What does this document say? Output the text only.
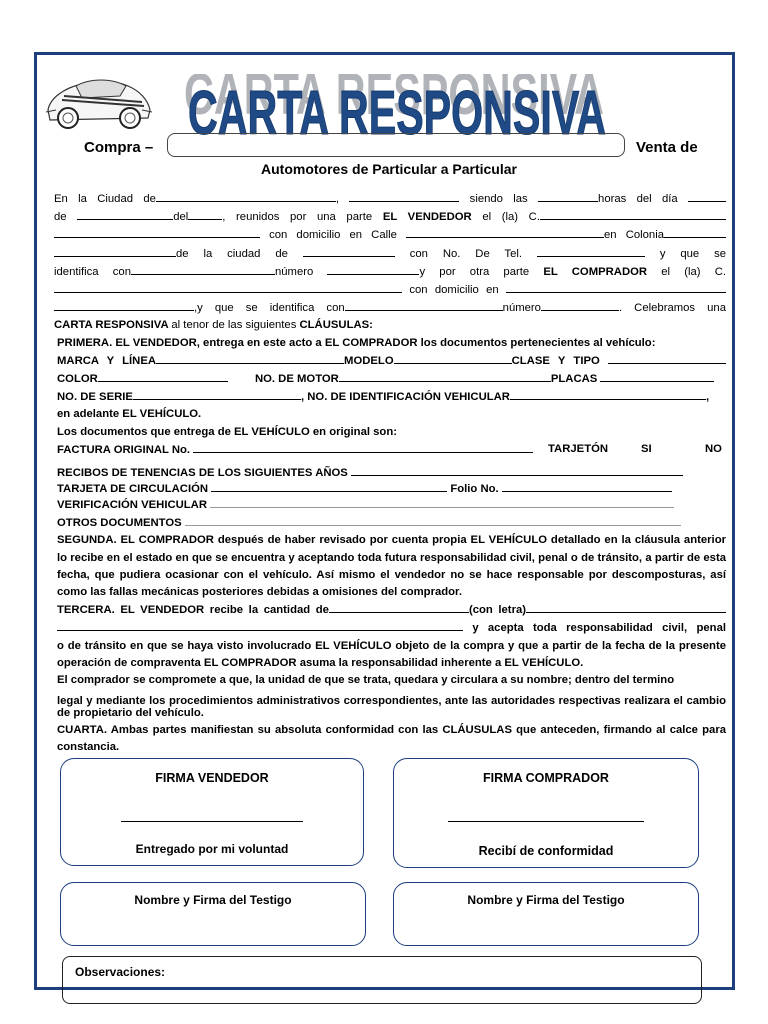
CARTA RESPONSIVA
CARTA RESPONSIVA
Compra –	Venta de
Automotores de Particular a Particular

En la Ciudad de	,	siendo las	horas del día

de	del	, reunidos por una parte EL VENDEDOR el (la) C.

con domicilio en Calle	en Colonia

de la ciudad de	con No. De Tel.	y que se

identifica con	número	y por otra parte EL COMPRADOR el (la) C.

con domicilio en

,y que se identifica con	número	. Celebramos una

CARTA RESPONSIVA al tenor de las siguientes CLÁUSULAS:

PRIMERA. EL VENDEDOR, entrega en este acto a EL COMPRADOR los documentos pertenecientes al vehículo:

MARCA Y LÍNEA	MODELO	CLASE Y TIPO

COLOR	NO. DE MOTOR	PLACAS

NO. DE SERIE	, NO. DE IDENTIFICACIÓN VEHICULAR	,

en adelante EL VEHÍCULO.

Los documentos que entrega de EL VEHÍCULO en original son:

FACTURA ORIGINAL No.	TARJETÓN	SI	NO

RECIBOS DE TENENCIAS DE LOS SIGUIENTES AÑOS

TARJETA DE CIRCULACIÓN	Folio No.

VERIFICACIÓN VEHICULAR

OTROS DOCUMENTOS

SEGUNDA. EL COMPRADOR después de haber revisado por cuenta propia EL VEHÍCULO detallado en la cláusula anterior lo recibe en el estado en que se encuentra y aceptando toda futura responsabilidad civil, penal o de tránsito, a partir de esta fecha, que pudiera ocasionar con el vehículo. Así mismo el vendedor no se hace responsable por descomposturas, así como las fallas mecánicas posteriores debidas a omisiones del comprador.

TERCERA. EL VENDEDOR recibe la cantidad de	(con letra)

y acepta toda responsabilidad civil, penal

o de tránsito en que se haya visto involucrado EL VEHÍCULO objeto de la compra y que a partir de la fecha de la presente operación de compraventa EL COMPRADOR asuma la responsabilidad inherente a EL VEHÍCULO.

El comprador se compromete a que, la unidad de que se trata, quedara y circulara a su nombre; dentro del termino

legal y mediante los procedimientos administrativos correspondientes, ante las autoridades respectivas realizara el cambio de propietario del vehículo.

CUARTA. Ambas partes manifiestan su absoluta conformidad con las CLÁUSULAS que anteceden, firmando al calce para constancia.

FIRMA VENDEDOR
Entregado por mi voluntad
FIRMA COMPRADOR
Recibí de conformidad
Nombre y Firma del Testigo	Nombre y Firma del Testigo
Observaciones:
